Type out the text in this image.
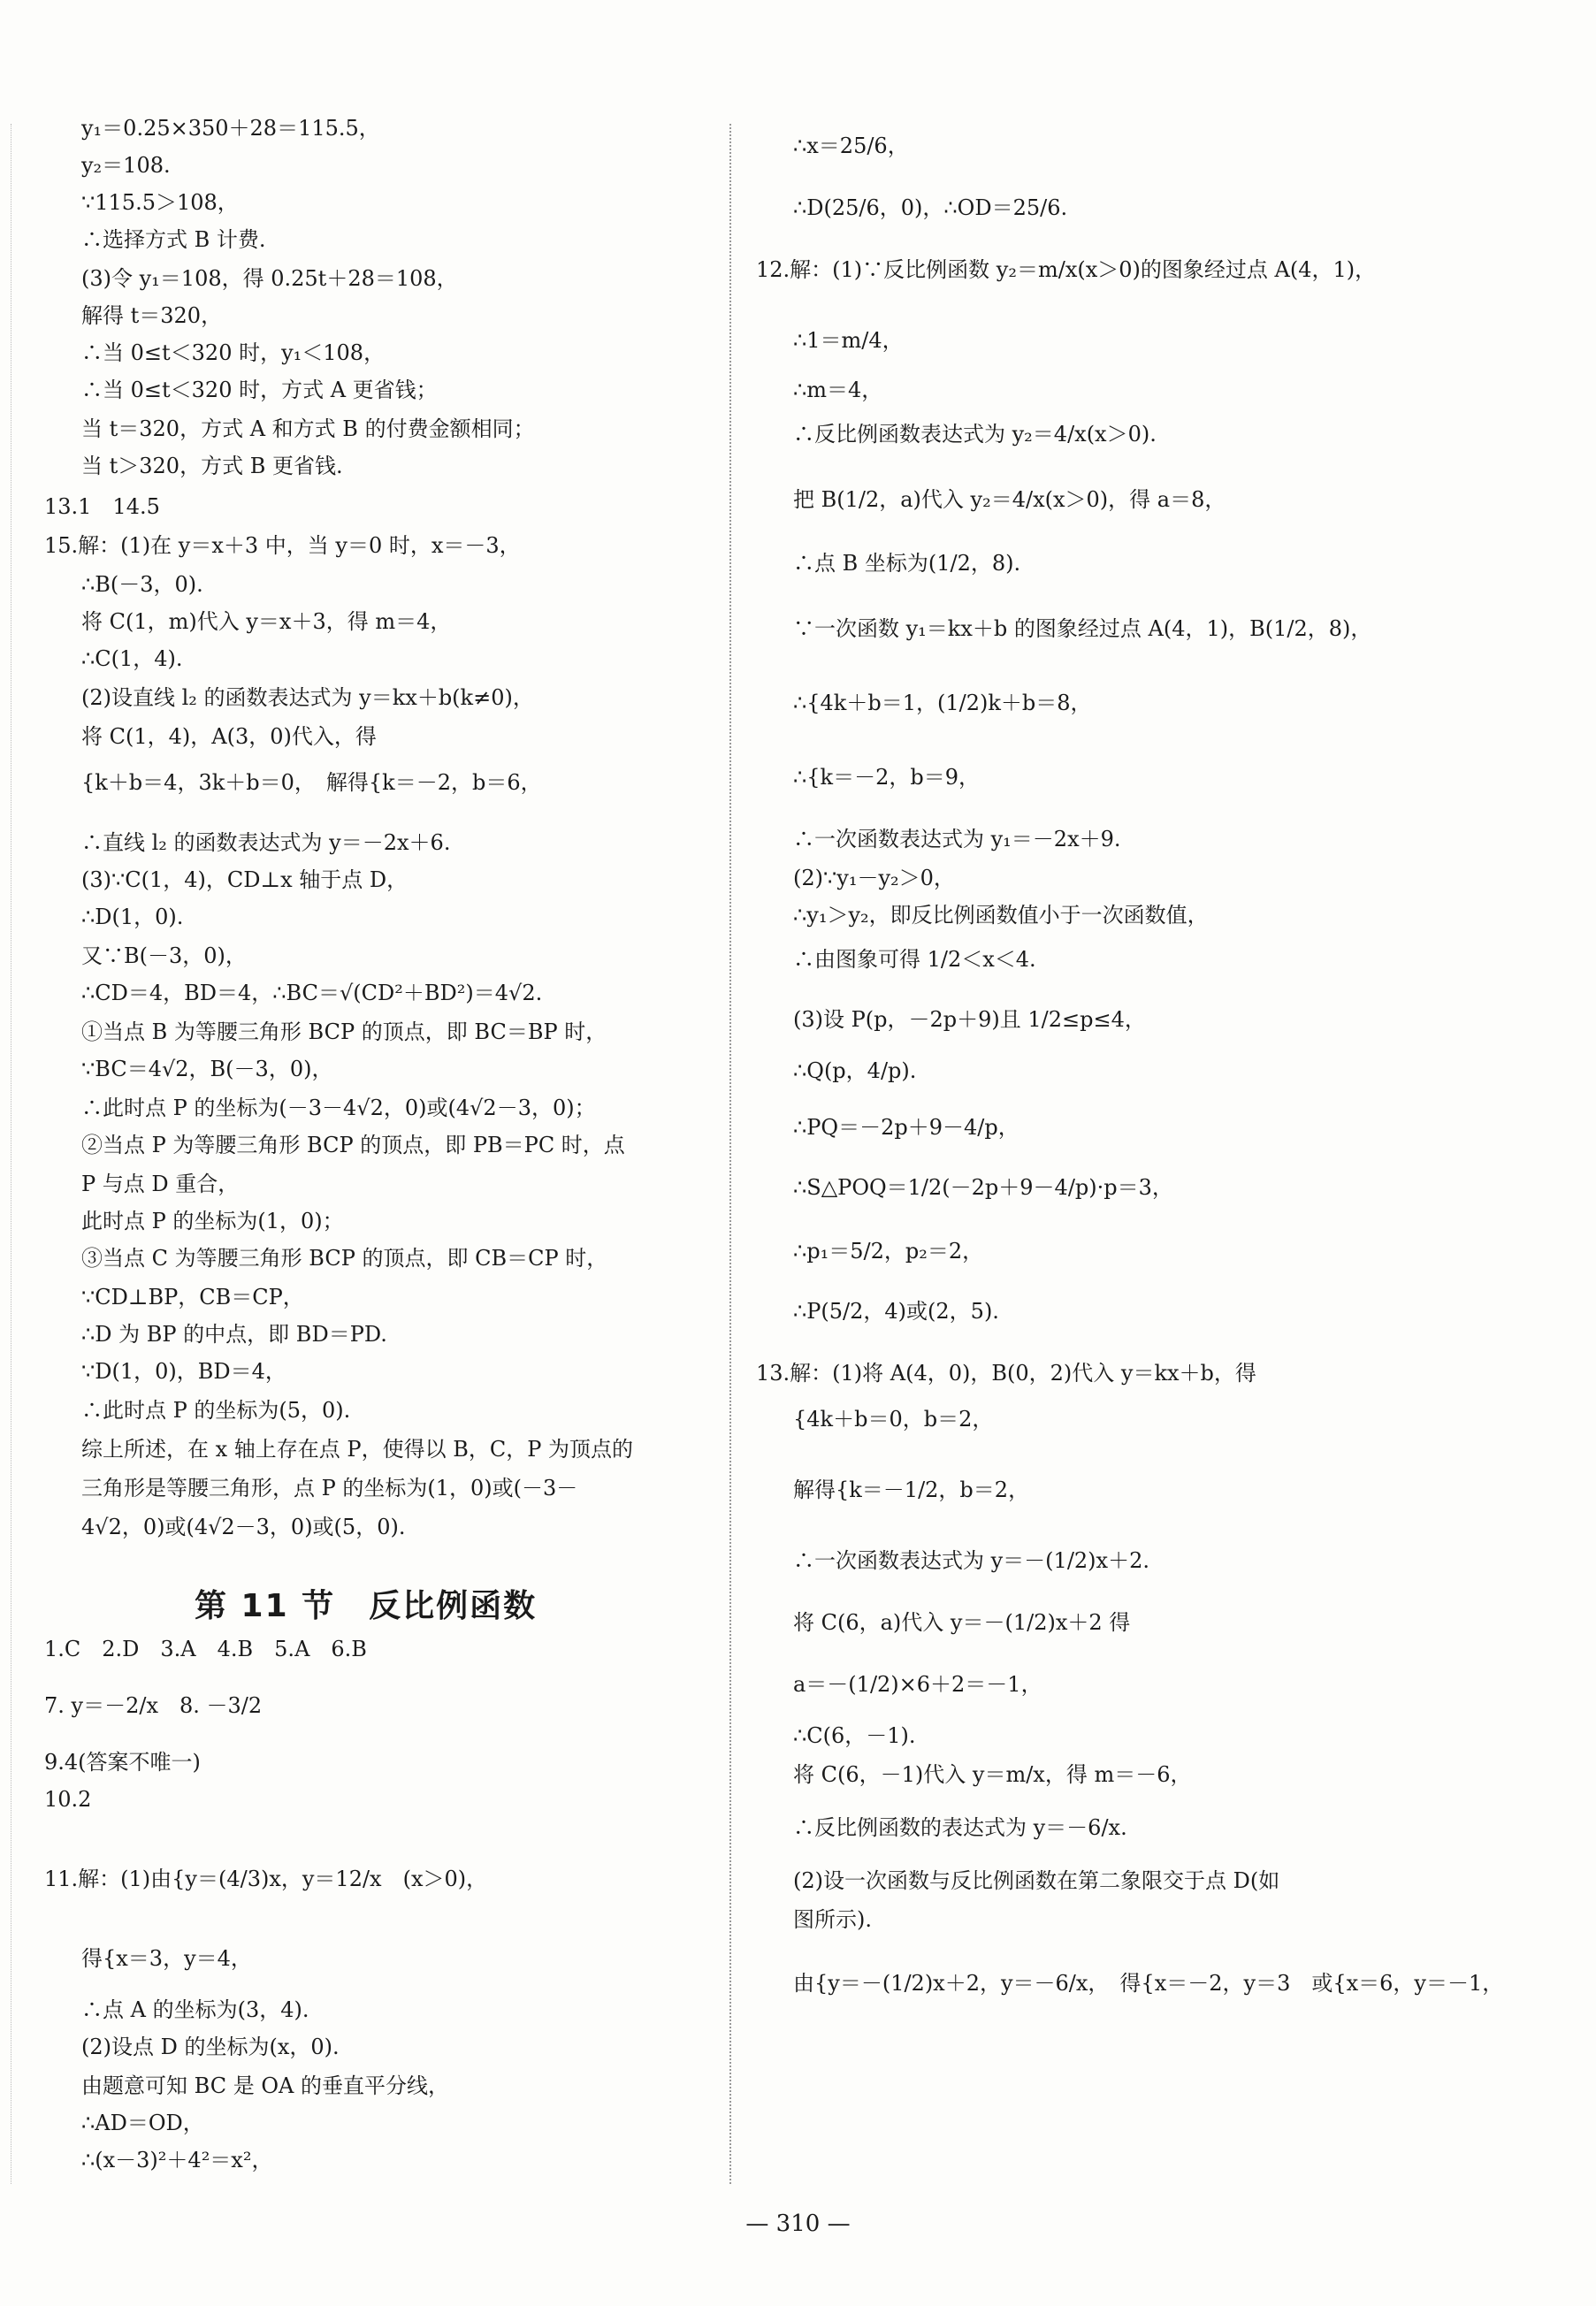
y₁＝0.25×350＋28＝115.5，
y₂＝108.
∵115.5＞108，
∴选择方式 B 计费.
(3)令 y₁＝108，得 0.25t＋28＝108，
解得 t＝320，
∴当 0≤t＜320 时，y₁＜108，
∴当 0≤t＜320 时，方式 A 更省钱；
当 t＝320，方式 A 和方式 B 的付费金额相同；
当 t＞320，方式 B 更省钱.
13.1　14.5
15.解：(1)在 y＝x＋3 中，当 y＝0 时，x＝－3，
∴B(－3，0).
将 C(1，m)代入 y＝x＋3，得 m＝4，
∴C(1，4).
(2)设直线 l₂ 的函数表达式为 y＝kx＋b(k≠0)，
将 C(1，4)，A(3，0)代入，得
{k＋b＝4，3k＋b＝0，　解得{k＝－2，b＝6，
∴直线 l₂ 的函数表达式为 y＝－2x＋6.
(3)∵C(1，4)，CD⊥x 轴于点 D，
∴D(1，0).
又∵B(－3，0)，
∴CD＝4，BD＝4，∴BC＝√(CD²＋BD²)＝4√2.
①当点 B 为等腰三角形 BCP 的顶点，即 BC＝BP 时，
∵BC＝4√2，B(－3，0)，
∴此时点 P 的坐标为(－3－4√2，0)或(4√2－3，0)；
②当点 P 为等腰三角形 BCP 的顶点，即 PB＝PC 时，点
P 与点 D 重合，
此时点 P 的坐标为(1，0)；
③当点 C 为等腰三角形 BCP 的顶点，即 CB＝CP 时，
∵CD⊥BP，CB＝CP，
∴D 为 BP 的中点，即 BD＝PD.
∵D(1，0)，BD＝4，
∴此时点 P 的坐标为(5，0).
综上所述，在 x 轴上存在点 P，使得以 B，C，P 为顶点的
三角形是等腰三角形，点 P 的坐标为(1，0)或(－3－
4√2，0)或(4√2－3，0)或(5，0).
第 11 节　反比例函数
1.C　2.D　3.A　4.B　5.A　6.B
7. y＝－2/x　8. －3/2
9.4(答案不唯一)
10.2
11.解：(1)由{y＝(4/3)x，y＝12/x　(x＞0)，
得{x＝3，y＝4，
∴点 A 的坐标为(3，4).
(2)设点 D 的坐标为(x，0).
由题意可知 BC 是 OA 的垂直平分线，
∴AD＝OD，
∴(x－3)²＋4²＝x²，
∴x＝25/6，
∴D(25/6，0)，∴OD＝25/6.
12.解：(1)∵反比例函数 y₂＝m/x(x＞0)的图象经过点 A(4，1)，
∴1＝m/4，
∴m＝4，
∴反比例函数表达式为 y₂＝4/x(x＞0).
把 B(1/2，a)代入 y₂＝4/x(x＞0)，得 a＝8，
∴点 B 坐标为(1/2，8).
∵一次函数 y₁＝kx＋b 的图象经过点 A(4，1)，B(1/2，8)，
∴{4k＋b＝1，(1/2)k＋b＝8，
∴{k＝－2，b＝9，
∴一次函数表达式为 y₁＝－2x＋9.
(2)∵y₁－y₂＞0，
∴y₁＞y₂，即反比例函数值小于一次函数值，
∴由图象可得 1/2＜x＜4.
(3)设 P(p，－2p＋9)且 1/2≤p≤4，
∴Q(p，4/p).
∴PQ＝－2p＋9－4/p，
∴S△POQ＝1/2(－2p＋9－4/p)·p＝3，
∴p₁＝5/2，p₂＝2，
∴P(5/2，4)或(2，5).
13.解：(1)将 A(4，0)，B(0，2)代入 y＝kx＋b，得
{4k＋b＝0，b＝2，
解得{k＝－1/2，b＝2，
∴一次函数表达式为 y＝－(1/2)x＋2.
将 C(6，a)代入 y＝－(1/2)x＋2 得
a＝－(1/2)×6＋2＝－1，
∴C(6，－1).
将 C(6，－1)代入 y＝m/x，得 m＝－6，
∴反比例函数的表达式为 y＝－6/x.
(2)设一次函数与反比例函数在第二象限交于点 D(如
图所示).
由{y＝－(1/2)x＋2，y＝－6/x，　得{x＝－2，y＝3　或{x＝6，y＝－1，
— 310 —
